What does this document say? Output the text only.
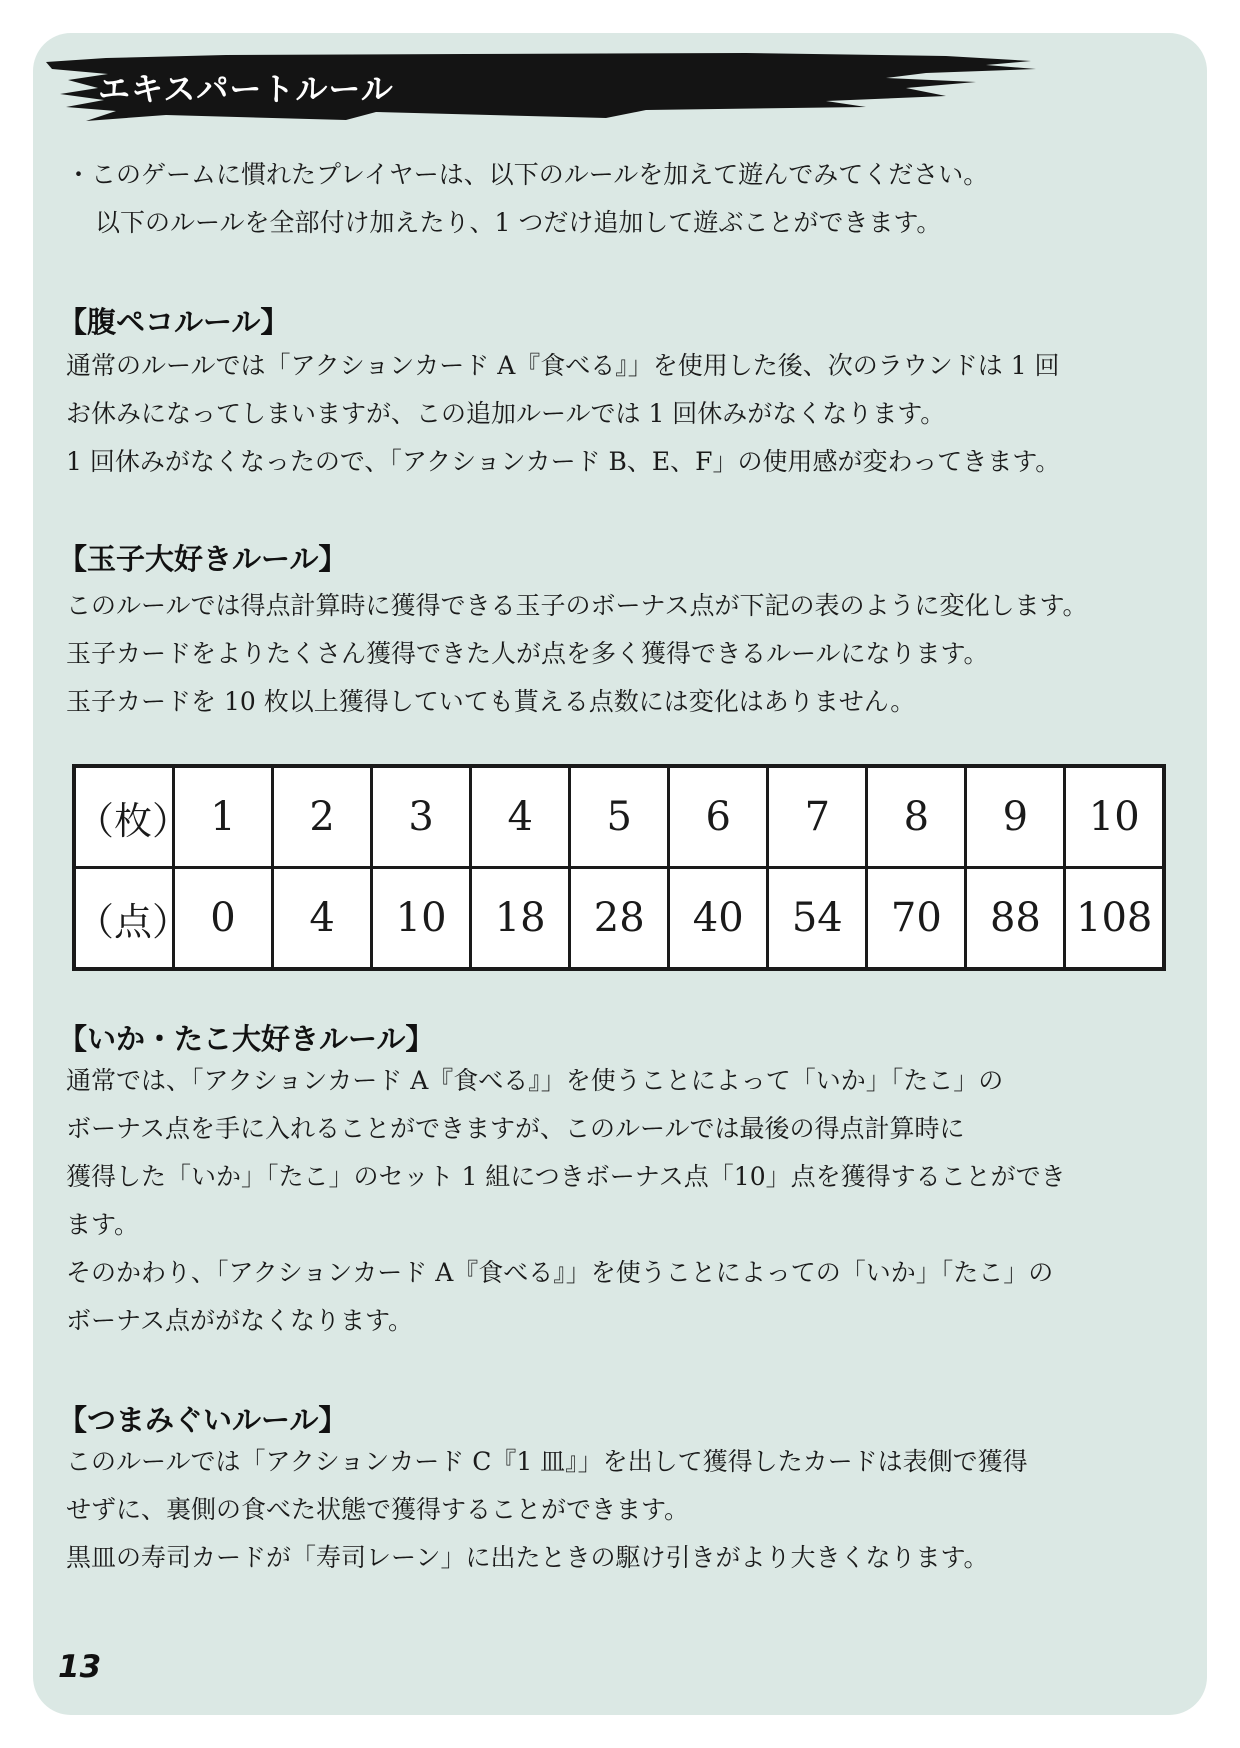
エキスパートルール

・このゲームに慣れたプレイヤーは、以下のルールを加えて遊んでみてください。

以下のルールを全部付け加えたり、1 つだけ追加して遊ぶことができます。

【腹ペコルール】

通常のルールでは「アクションカード A『食べる』」を使用した後、次のラウンドは 1 回

お休みになってしまいますが、この追加ルールでは 1 回休みがなくなります。

1 回休みがなくなったので、「アクションカード B、E、F」の使用感が変わってきます。

【玉子大好きルール】

このルールでは得点計算時に獲得できる玉子のボーナス点が下記の表のように変化します。

玉子カードをよりたくさん獲得できた人が点を多く獲得できるルールになります。

玉子カードを 10 枚以上獲得していても貰える点数には変化はありません。

（枚）	1	2	3	4	5	6	7	8	9	10
（点）	0	4	10	18	28	40	54	70	88	108
【いか・たこ大好きルール】

通常では、「アクションカード A『食べる』」を使うことによって「いか」「たこ」の

ボーナス点を手に入れることができますが、このルールでは最後の得点計算時に

獲得した「いか」「たこ」のセット 1 組につきボーナス点「10」点を獲得することができ

ます。

そのかわり、「アクションカード A『食べる』」を使うことによっての「いか」「たこ」の

ボーナス点ががなくなります。

【つまみぐいルール】

このルールでは「アクションカード C『1 皿』」を出して獲得したカードは表側で獲得

せずに、裏側の食べた状態で獲得することができます。

黒皿の寿司カードが「寿司レーン」に出たときの駆け引きがより大きくなります。

13
